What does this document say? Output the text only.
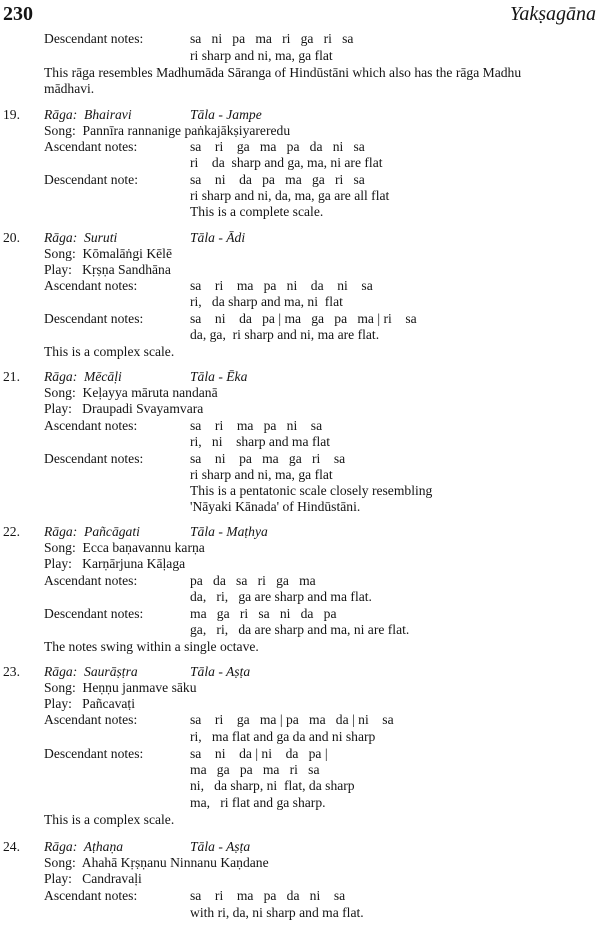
230	Yakṣagāna
Descendant notes:	sa   ni   pa   ma   ri   ga   ri   sa
ri sharp and ni, ma, ga flat
This rāga resembles Madhumāda Sāranga of Hindūstāni which also has the rāga Madhu
mādhavi.
19. Rāga:  Bhairavi	Tāla - Jampe
Song:  Pannīra rannanige paṅkajākṣiyareredu
Ascendant notes:	sa    ri    ga   ma   pa   da   ni   sa
ri    da  sharp and ga, ma, ni are flat
Descendant note:	sa    ni    da   pa   ma   ga   ri   sa
ri sharp and ni, da, ma, ga are all flat
This is a complete scale.
20. Rāga:  Suruti	Tāla - Ādi
Song:  Kōmalāṅgi Kēlē
Play:   Kṛṣṇa Sandhāna
Ascendant notes:	sa    ri    ma   pa   ni    da    ni    sa
ri,   da sharp and ma, ni  flat
Descendant notes:	sa    ni    da   pa | ma   ga   pa   ma | ri    sa
da, ga,  ri sharp and ni, ma are flat.
This is a complex scale.
21. Rāga:  Mēcāḷi	Tāla - Ēka
Song:  Keḷayya māruta nandanā
Play:   Draupadi Svayamvara
Ascendant notes:	sa    ri    ma   pa   ni    sa
ri,   ni    sharp and ma flat
Descendant notes:	sa    ni    pa   ma   ga   ri    sa
ri sharp and ni, ma, ga flat
This is a pentatonic scale closely resembling
'Nāyaki Kānada' of Hindūstāni.
22. Rāga:  Pañcāgati	Tāla - Maṭhya
Song:  Ecca baṇavannu karṇa
Play:   Karṇārjuna Kāḷaga
Ascendant notes:	pa   da   sa   ri   ga   ma
da,   ri,   ga are sharp and ma flat.
Descendant notes:	ma   ga   ri   sa   ni   da   pa
ga,   ri,   da are sharp and ma, ni are flat.
The notes swing within a single octave.
23. Rāga:  Saurāṣṭra	Tāla - Aṣṭa
Song:  Heṇṇu janmave sāku
Play:   Pañcavaṭi
Ascendant notes:	sa    ri    ga   ma | pa   ma   da | ni    sa
ri,   ma flat and ga da and ni sharp
Descendant notes:	sa    ni    da | ni    da   pa |
ma   ga   pa   ma   ri   sa
ni,   da sharp, ni  flat, da sharp
ma,   ri flat and ga sharp.
This is a complex scale.
24. Rāga:  Aṭhaṇa	Tāla - Aṣṭa
Song:  Ahahā Kṛṣṇanu Ninnanu Kaṇdane
Play:   Candravaḷi
Ascendant notes:	sa    ri    ma   pa   da   ni    sa
with ri, da, ni sharp and ma flat.
